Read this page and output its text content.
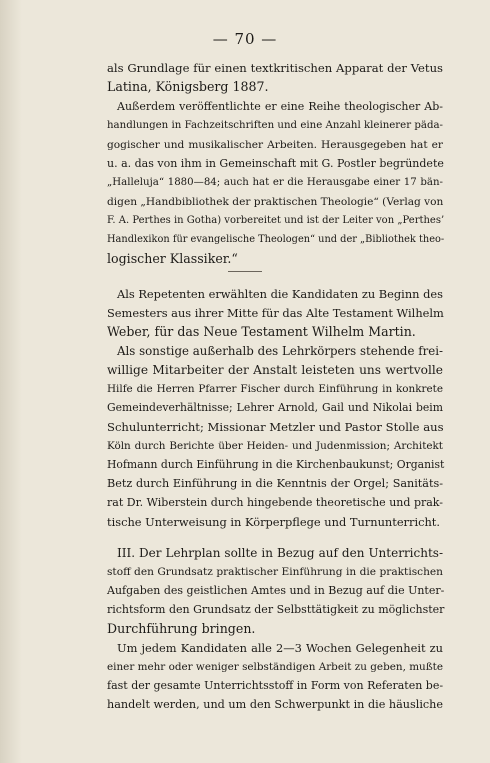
— 70 —
als Grundlage für einen textkritischen Apparat der Vetus
Latina, Königsberg 1887.
Außerdem veröffentlichte er eine Reihe theologischer Ab-
handlungen in Fachzeitschriften und eine Anzahl kleinerer päda-
gogischer und musikalischer Arbeiten. Herausgegeben hat er
u. a. das von ihm in Gemeinschaft mit G. Postler begründete
„Halleluja“ 1880—84; auch hat er die Herausgabe einer 17 bän-
digen „Handbibliothek der praktischen Theologie“ (Verlag von
F. A. Perthes in Gotha) vorbereitet und ist der Leiter von „Perthes’
Handlexikon für evangelische Theologen“ und der „Bibliothek theo-
logischer Klassiker.“
Als Repetenten erwählten die Kandidaten zu Beginn des
Semesters aus ihrer Mitte für das Alte Testament Wilhelm
Weber, für das Neue Testament Wilhelm Martin.
Als sonstige außerhalb des Lehrkörpers stehende frei-
willige Mitarbeiter der Anstalt leisteten uns wertvolle
Hilfe die Herren Pfarrer Fischer durch Einführung in konkrete
Gemeindeverhältnisse; Lehrer Arnold, Gail und Nikolai beim
Schulunterricht; Missionar Metzler und Pastor Stolle aus
Köln durch Berichte über Heiden- und Judenmission; Architekt
Hofmann durch Einführung in die Kirchenbaukunst; Organist
Betz durch Einführung in die Kenntnis der Orgel; Sanitäts-
rat Dr. Wiberstein durch hingebende theoretische und prak-
tische Unterweisung in Körperpflege und Turnunterricht.
III. Der Lehrplan sollte in Bezug auf den Unterrichts-
stoff den Grundsatz praktischer Einführung in die praktischen
Aufgaben des geistlichen Amtes und in Bezug auf die Unter-
richtsform den Grundsatz der Selbsttätigkeit zu möglichster
Durchführung bringen.
Um jedem Kandidaten alle 2—3 Wochen Gelegenheit zu
einer mehr oder weniger selbständigen Arbeit zu geben, mußte
fast der gesamte Unterrichtsstoff in Form von Referaten be-
handelt werden, und um den Schwerpunkt in die häusliche
